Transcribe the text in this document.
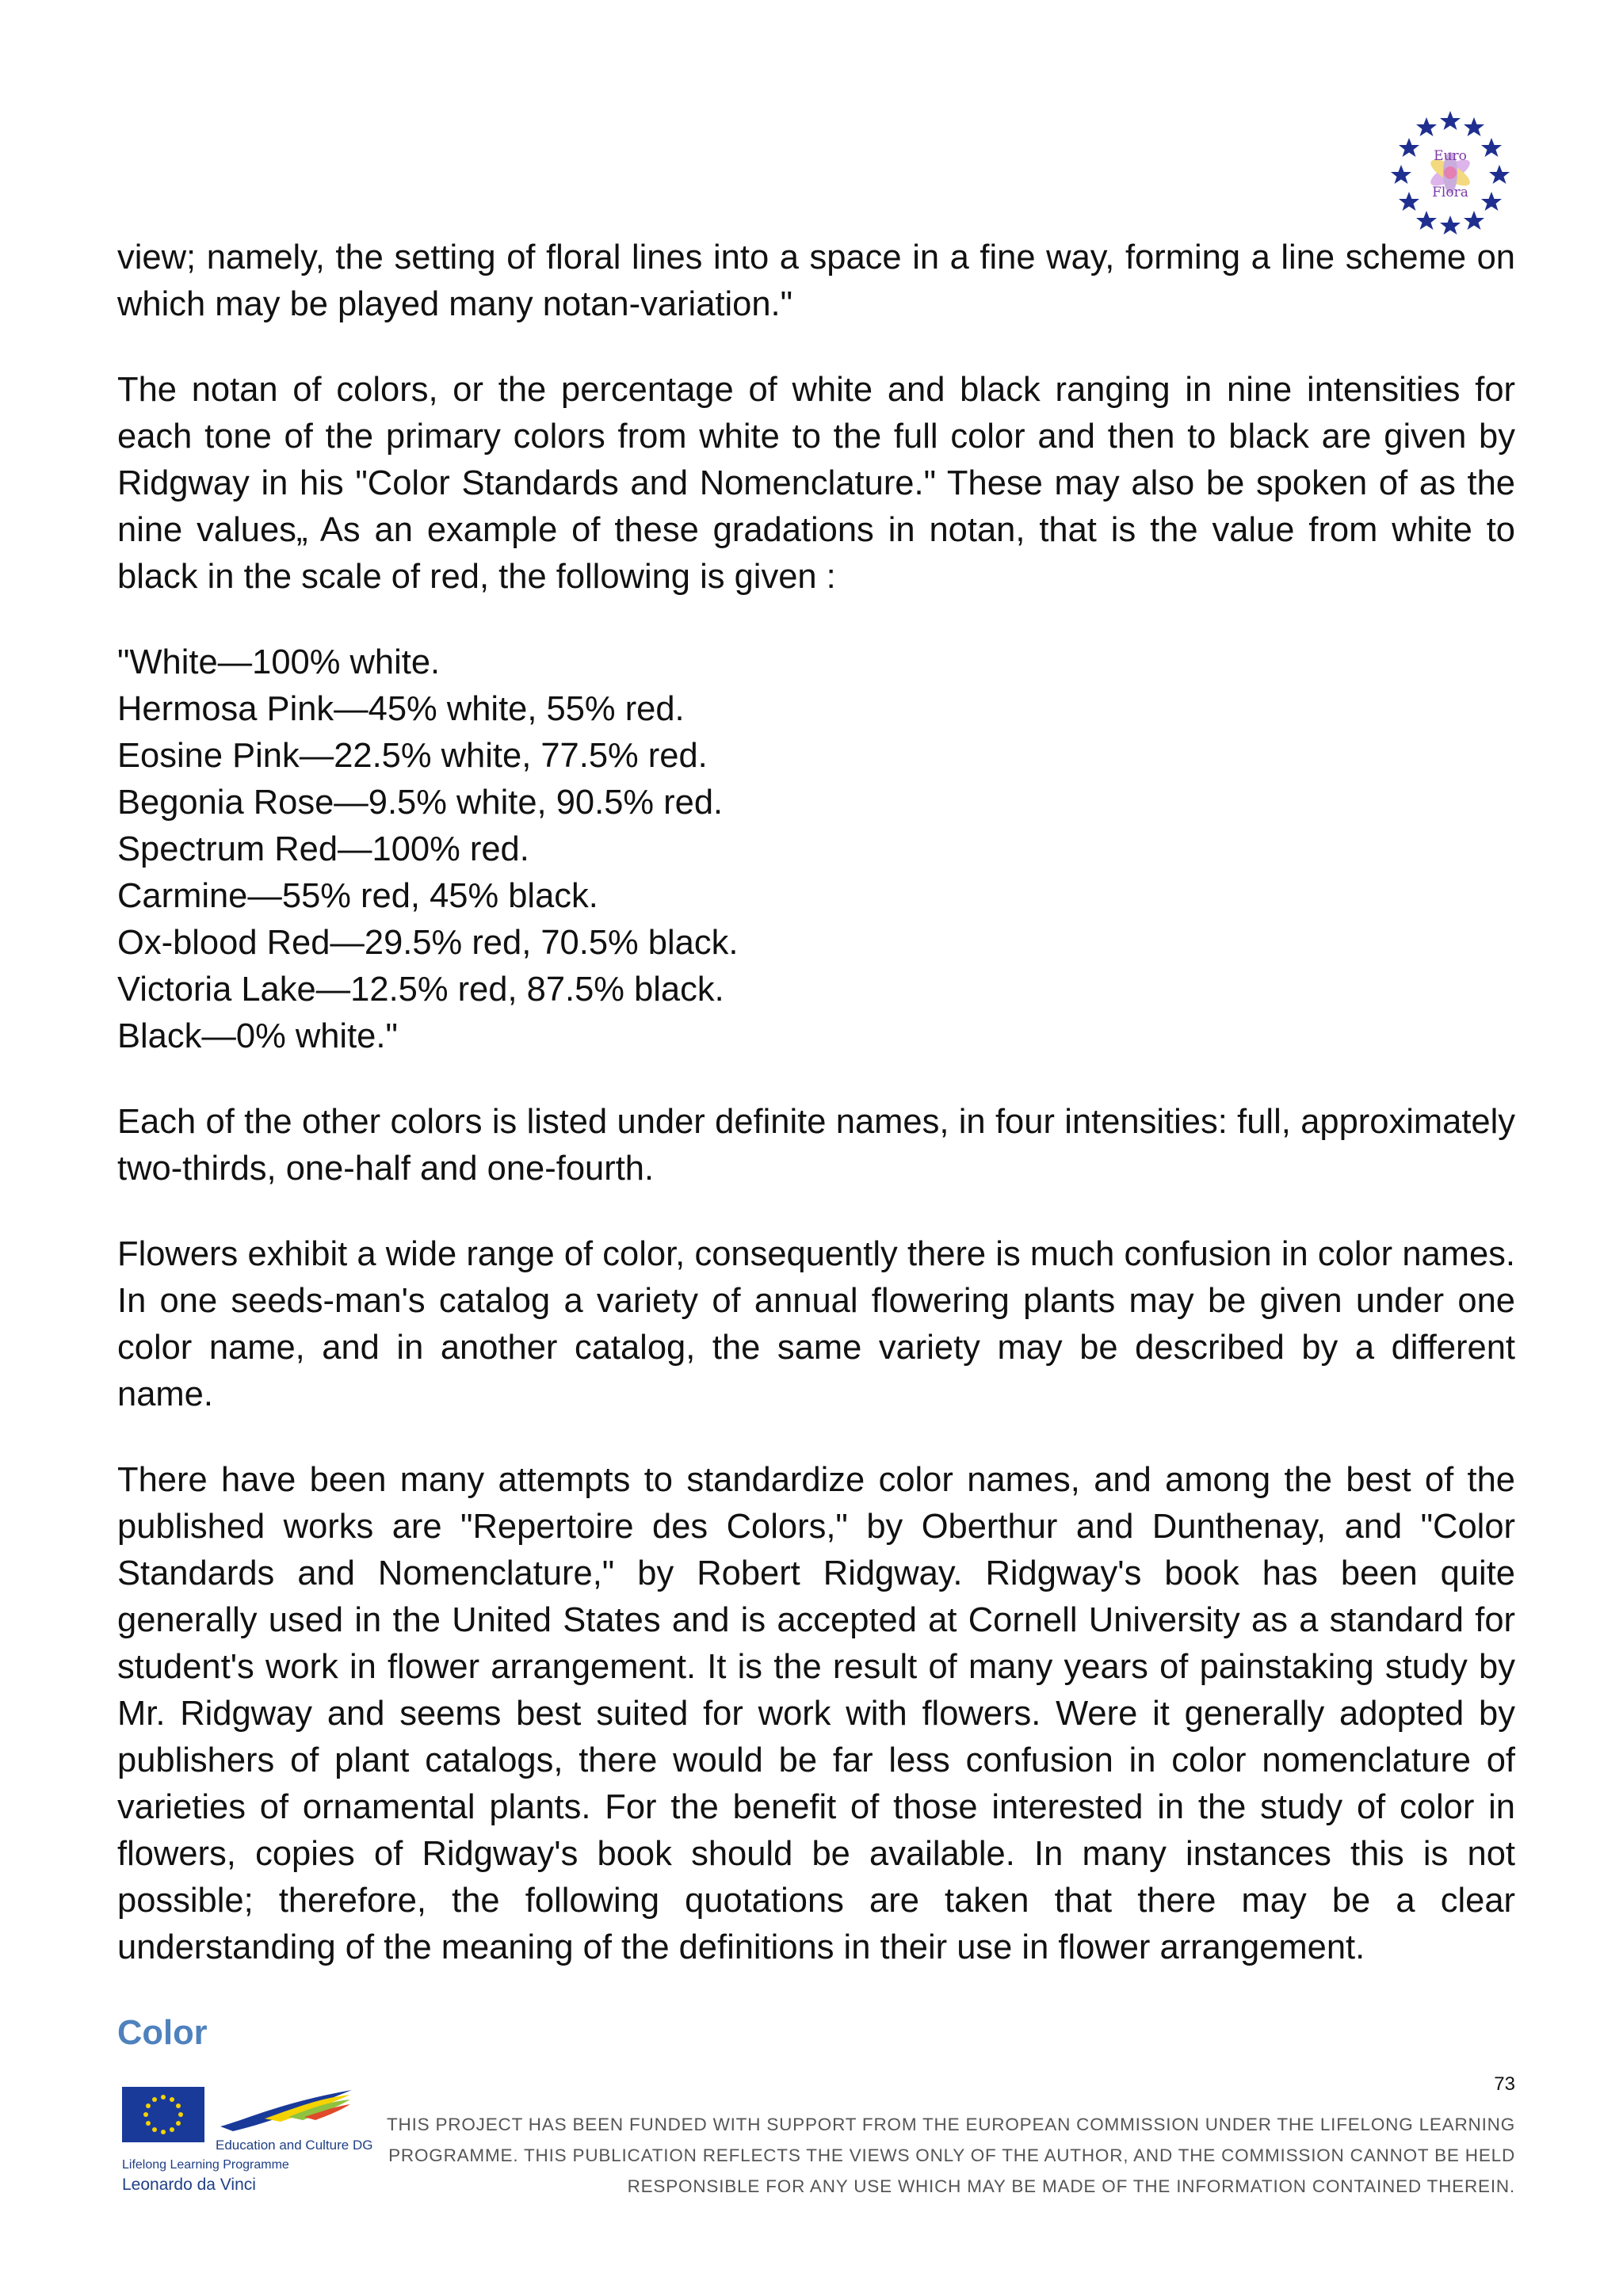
Euro
Flora

view; namely, the setting of floral lines into a space in a fine way, forming a line scheme on which may be played many notan-variation."

The notan of colors, or the percentage of white and black ranging in nine intensities for each tone of the primary colors from white to the full color and then to black are given by Ridgway in his "Color Standards and Nomenclature." These may also be spoken of as the nine values„ As an example of these gradations in notan, that is the value from white to black in the scale of red, the following is given :

"White—100% white.
Hermosa Pink—45% white, 55% red.
Eosine Pink—22.5% white, 77.5% red.
Begonia Rose—9.5% white, 90.5% red.
Spectrum Red—100% red.
Carmine—55% red, 45% black.
Ox-blood Red—29.5% red, 70.5% black.
Victoria Lake—12.5% red, 87.5% black.
Black—0% white."

Each of the other colors is listed under definite names, in four intensities: full, approximately two-thirds, one-half and one-fourth.

Flowers exhibit a wide range of color, consequently there is much confusion in color names. In one seeds-man's catalog a variety of annual flowering plants may be given under one color name, and in another catalog, the same variety may be described by a different name.

There have been many attempts to standardize color names, and among the best of the published works are "Repertoire des Colors," by Oberthur and Dunthenay, and "Color Standards and Nomenclature," by Robert Ridgway. Ridgway's book has been quite generally used in the United States and is accepted at Cornell University as a standard for student's work in flower arrangement. It is the result of many years of painstaking study by Mr. Ridgway and seems best suited for work with flowers. Were it generally adopted by publishers of plant catalogs, there would be far less confusion in color nomenclature of varieties of ornamental plants. For the benefit of those interested in the study of color in flowers, copies of Ridgway's book should be available. In many instances this is not possible; therefore, the following quotations are taken that there may be a clear understanding of the meaning of the definitions in their use in flower arrangement.

Color
73
Education and Culture DG
Lifelong Learning Programme
Leonardo da Vinci
THIS PROJECT HAS BEEN FUNDED WITH SUPPORT FROM THE EUROPEAN COMMISSION UNDER THE LIFELONG LEARNING
PROGRAMME. THIS PUBLICATION REFLECTS THE VIEWS ONLY OF THE AUTHOR, AND THE COMMISSION CANNOT BE HELD
RESPONSIBLE FOR ANY USE WHICH MAY BE MADE OF THE INFORMATION CONTAINED THEREIN.
